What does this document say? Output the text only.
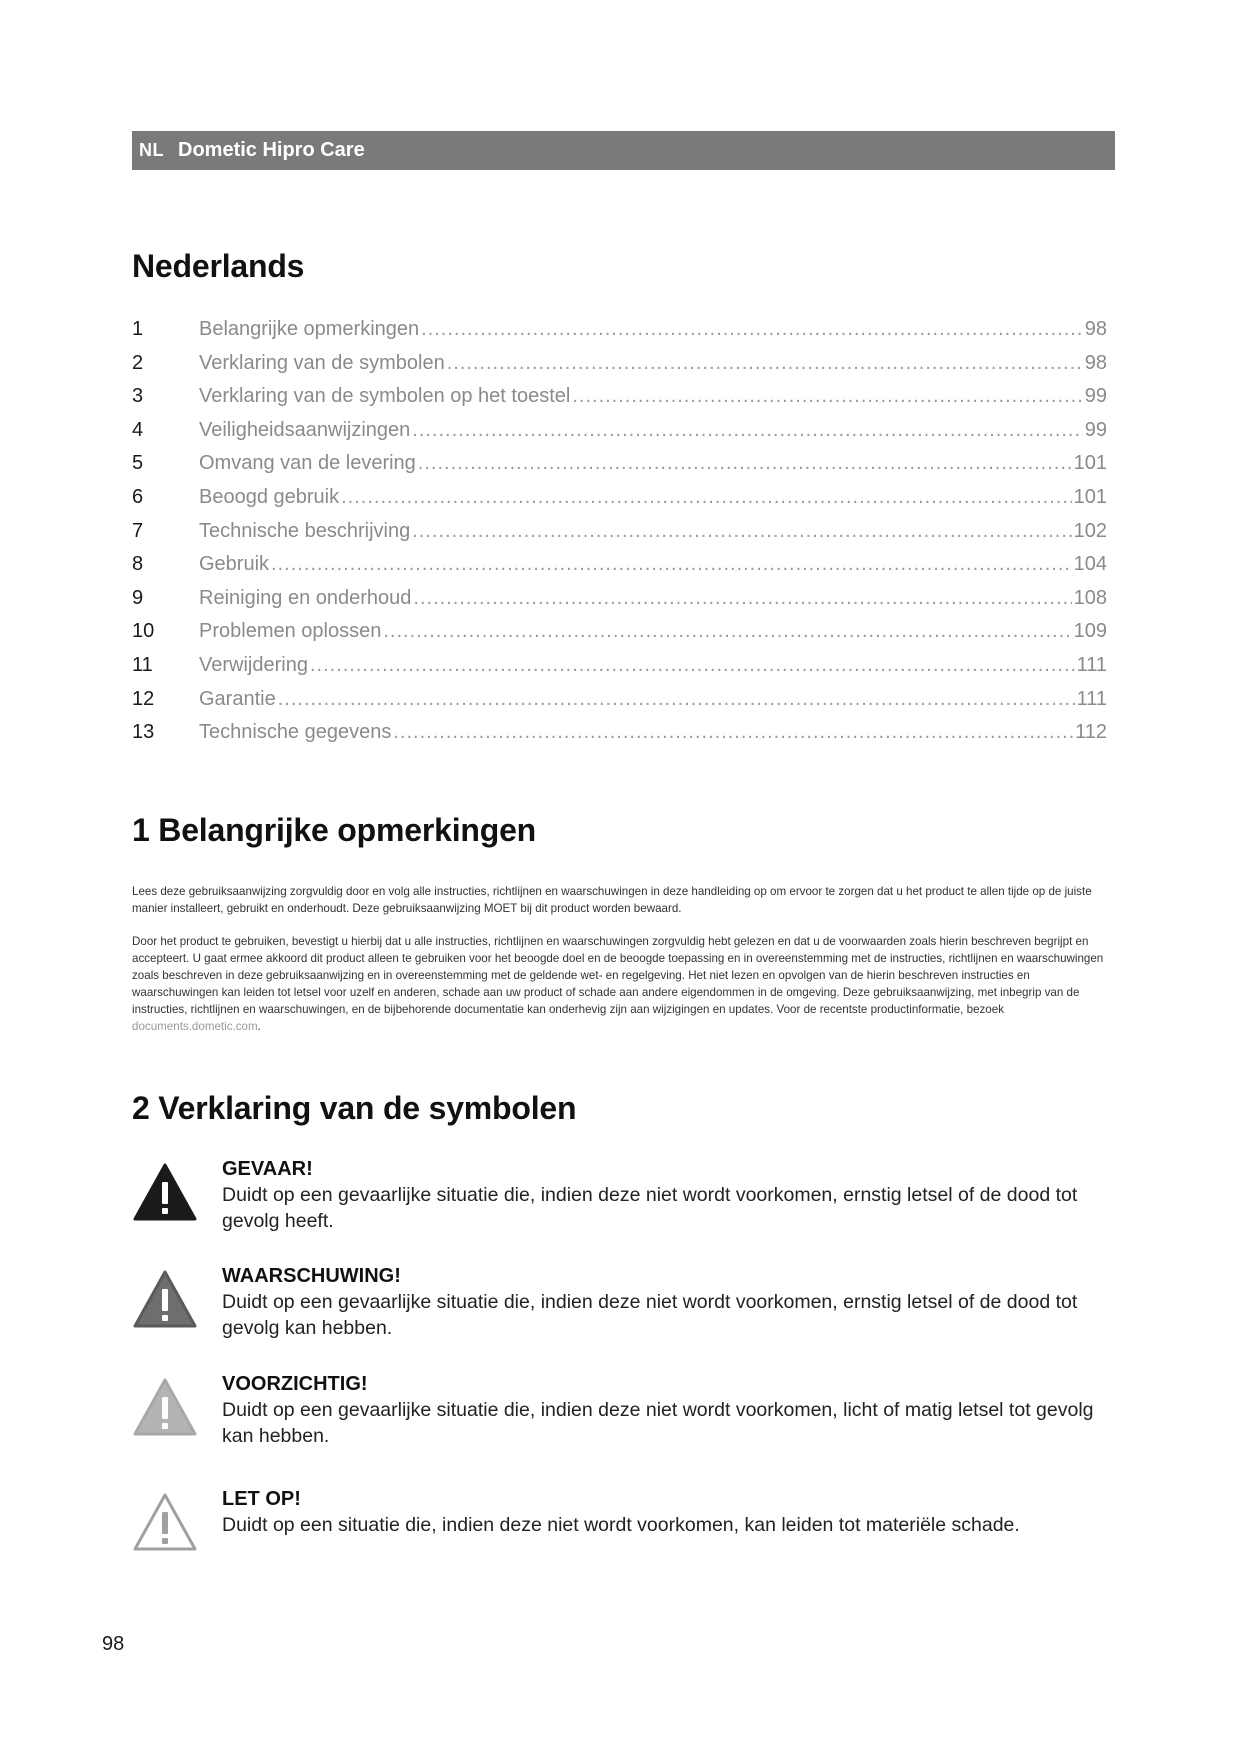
NL Dometic Hipro Care
Nederlands
1	Belangrijke opmerkingen .....	98
2	Verklaring van de symbolen .....	98
3	Verklaring van de symbolen op het toestel .....	99
4	Veiligheidsaanwijzingen .....	99
5	Omvang van de levering .....	101
6	Beoogd gebruik .....	101
7	Technische beschrijving .....	102
8	Gebruik .....	104
9	Reiniging en onderhoud .....	108
10	Problemen oplossen .....	109
11	Verwijdering .....	111
12	Garantie .....	111
13	Technische gegevens .....	112
1 Belangrijke opmerkingen

Lees deze gebruiksaanwijzing zorgvuldig door en volg alle instructies, richtlijnen en waarschuwingen in deze handleiding op om ervoor te zorgen dat u het product te allen tijde op de juiste manier installeert, gebruikt en onderhoudt. Deze gebruiksaanwijzing MOET bij dit product worden bewaard.

Door het product te gebruiken, bevestigt u hierbij dat u alle instructies, richtlijnen en waarschuwingen zorgvuldig hebt gelezen en dat u de voorwaarden zoals hierin beschreven begrijpt en accepteert. U gaat ermee akkoord dit product alleen te gebruiken voor het beoogde doel en de beoogde toepassing en in overeenstemming met de instructies, richtlijnen en waarschuwingen zoals beschreven in deze gebruiksaanwijzing en in overeenstemming met de geldende wet- en regelgeving. Het niet lezen en opvolgen van de hierin beschreven instructies en waarschuwingen kan leiden tot letsel voor uzelf en anderen, schade aan uw product of schade aan andere eigendommen in de omgeving. Deze gebruiksaanwijzing, met inbegrip van de instructies, richtlijnen en waarschuwingen, en de bijbehorende documentatie kan onderhevig zijn aan wijzigingen en updates. Voor de recentste productinformatie, bezoek documents.dometic.com.

2 Verklaring van de symbolen
GEVAAR!
Duidt op een gevaarlijke situatie die, indien deze niet wordt voorkomen, ernstig letsel of de dood tot gevolg heeft.
WAARSCHUWING!
Duidt op een gevaarlijke situatie die, indien deze niet wordt voorkomen, ernstig letsel of de dood tot gevolg kan hebben.
VOORZICHTIG!
Duidt op een gevaarlijke situatie die, indien deze niet wordt voorkomen, licht of matig letsel tot gevolg kan hebben.
LET OP!
Duidt op een situatie die, indien deze niet wordt voorkomen, kan leiden tot materiële schade.
98
